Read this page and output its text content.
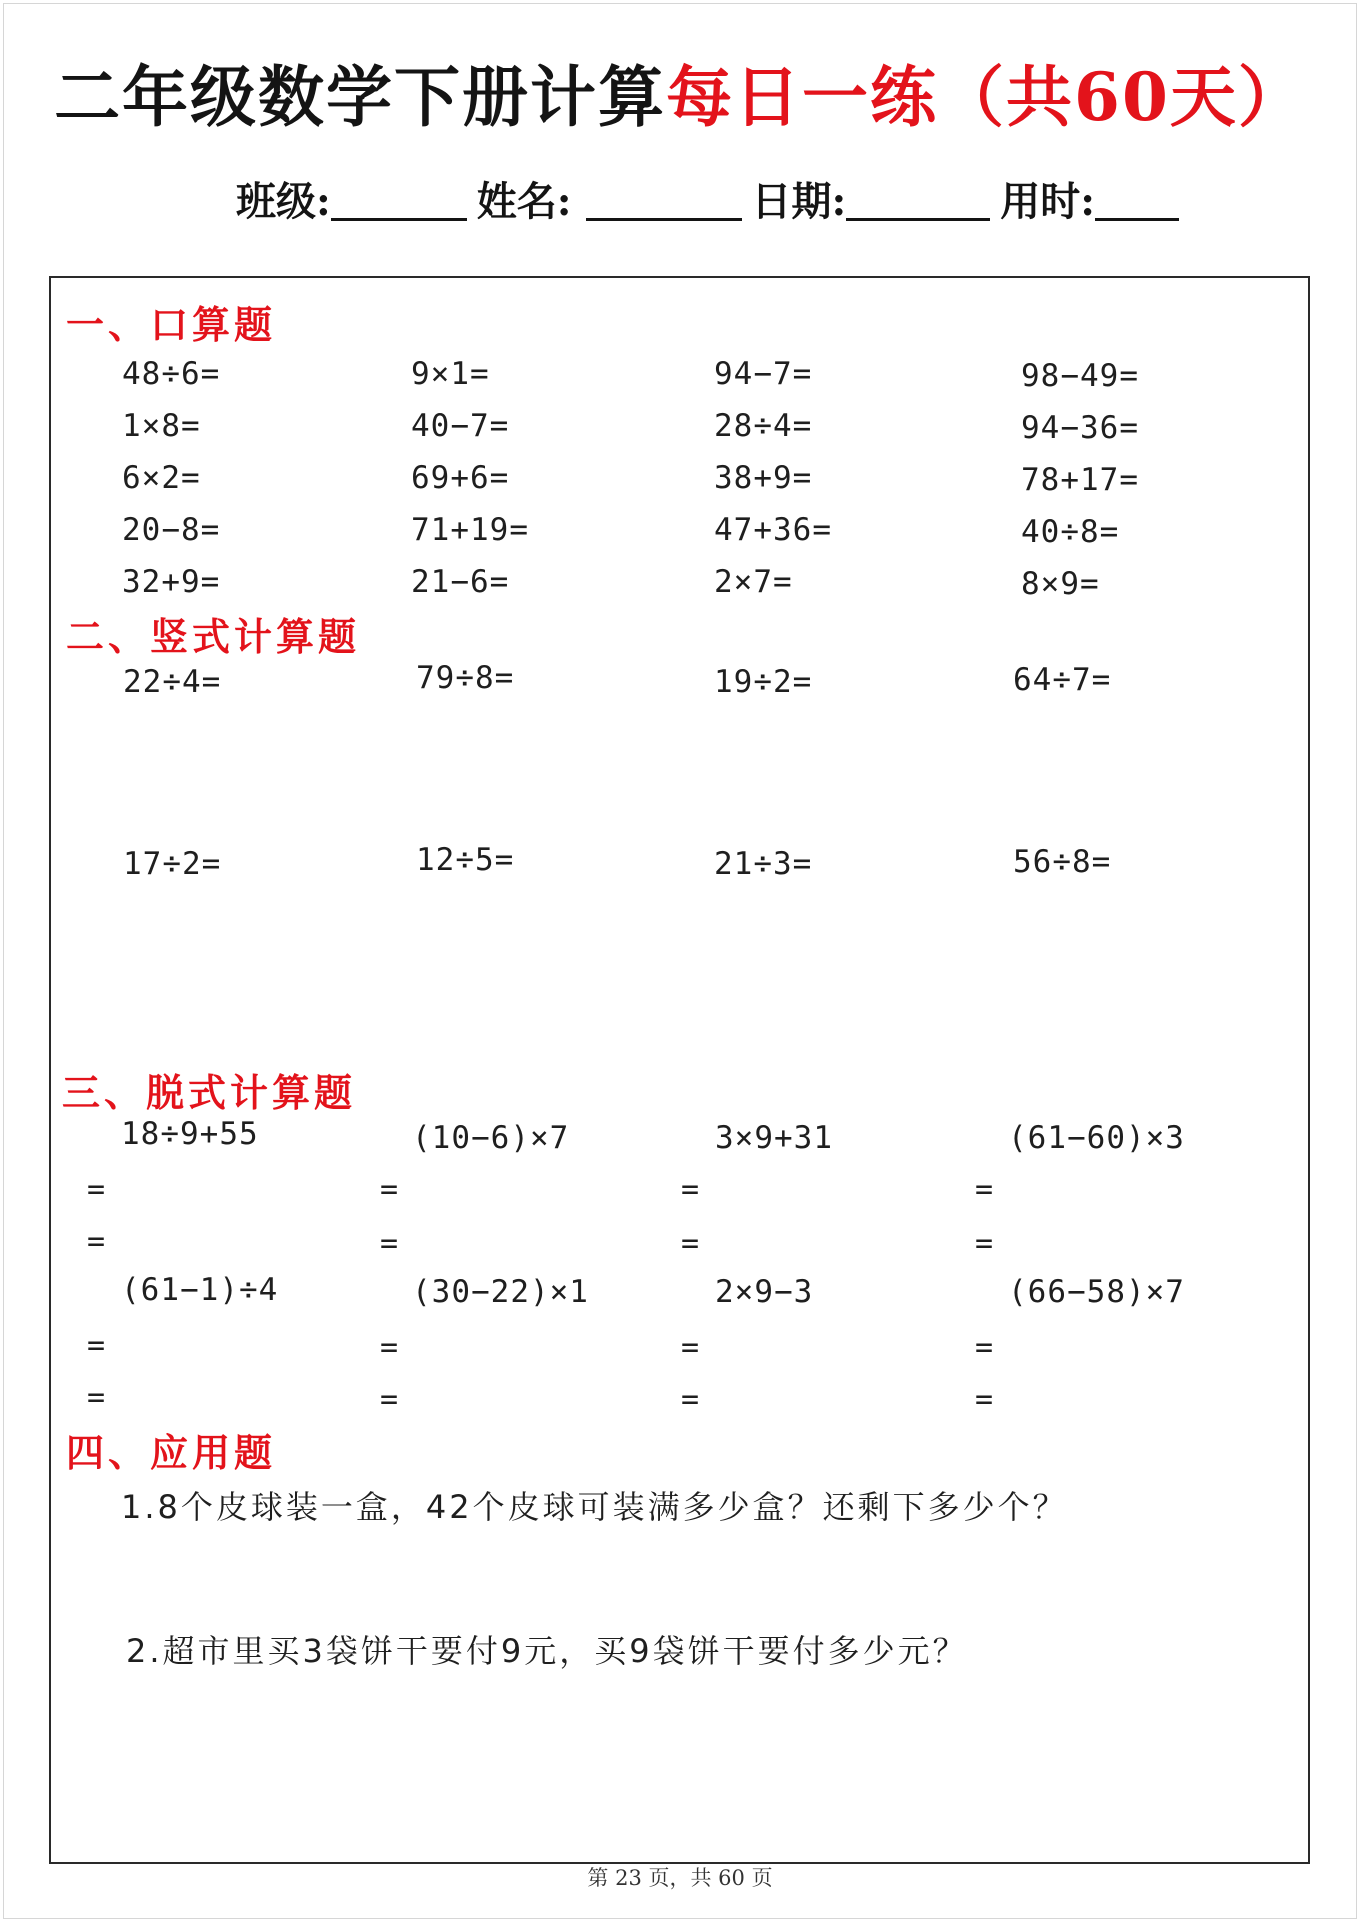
二年级数学下册计算每日一练（共60天）
班级:	姓名:	日期:	用时:
一、口算题
48÷6=	9×1=	94−7=	98−49=
1×8=	40−7=	28÷4=	94−36=
6×2=	69+6=	38+9=	78+17=
20−8=	71+19=	47+36=	40÷8=
32+9=	21−6=	2×7=	8×9=
二、竖式计算题
22÷4=	79÷8=	19÷2=	64÷7=
17÷2=	12÷5=	21÷3=	56÷8=
三、脱式计算题
18÷9+55	(10−6)×7	3×9+31	(61−60)×3
=	=	=	=
=	=	=	=
(61−1)÷4	(30−22)×1	2×9−3	(66−58)×7
=	=	=	=
=	=	=	=
四、应用题
1.8个皮球装一盒，42个皮球可装满多少盒？还剩下多少个？
2.超市里买3袋饼干要付9元，买9袋饼干要付多少元？
第 23 页，共 60 页
